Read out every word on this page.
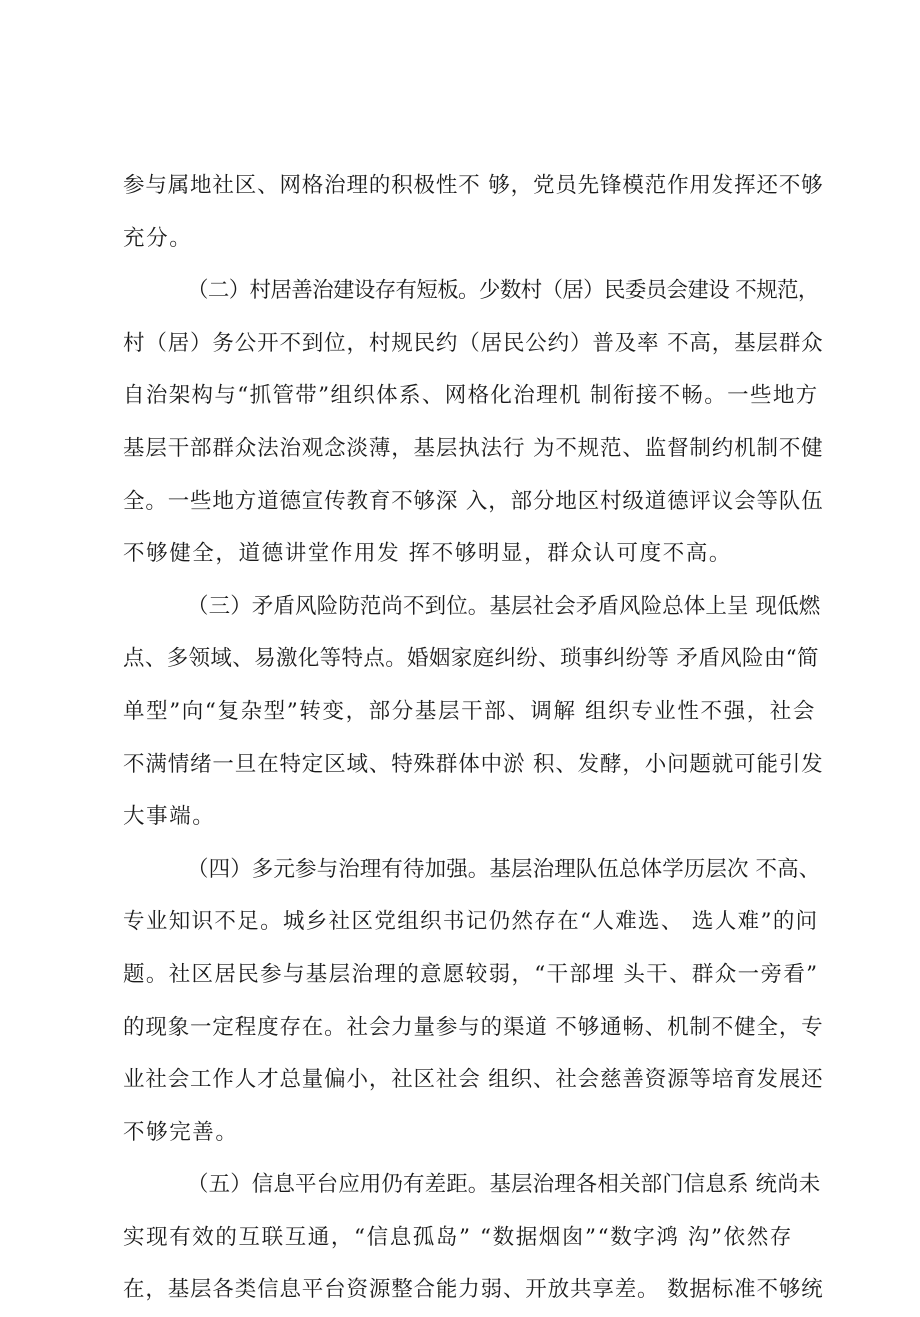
参与属地社区、网格治理的积极性不 够，党员先锋模范作用发挥还不够
充分。
（二）村居善治建设存有短板。少数村（居）民委员会建设 不规范，
村（居）务公开不到位，村规民约（居民公约）普及率 不高，基层群众
自治架构与“抓管带”组织体系、网格化治理机 制衔接不畅。一些地方
基层干部群众法治观念淡薄，基层执法行 为不规范、监督制约机制不健
全。一些地方道德宣传教育不够深 入，部分地区村级道德评议会等队伍
不够健全，道德讲堂作用发 挥不够明显，群众认可度不高。
（三）矛盾风险防范尚不到位。基层社会矛盾风险总体上呈 现低燃
点、多领域、易激化等特点。婚姻家庭纠纷、琐事纠纷等 矛盾风险由“简
单型”向“复杂型”转变，部分基层干部、调解 组织专业性不强，社会
不满情绪一旦在特定区域、特殊群体中淤 积、发酵，小问题就可能引发
大事端。
（四）多元参与治理有待加强。基层治理队伍总体学历层次 不高、
专业知识不足。城乡社区党组织书记仍然存在“人难选、 选人难”的问
题。社区居民参与基层治理的意愿较弱，“干部埋 头干、群众一旁看”
的现象一定程度存在。社会力量参与的渠道 不够通畅、机制不健全，专
业社会工作人才总量偏小，社区社会 组织、社会慈善资源等培育发展还
不够完善。
（五）信息平台应用仍有差距。基层治理各相关部门信息系 统尚未
实现有效的互联互通，“信息孤岛” “数据烟囱”“数字鸿 沟”依然存
在，基层各类信息平台资源整合能力弱、开放共享差。 数据标准不够统
